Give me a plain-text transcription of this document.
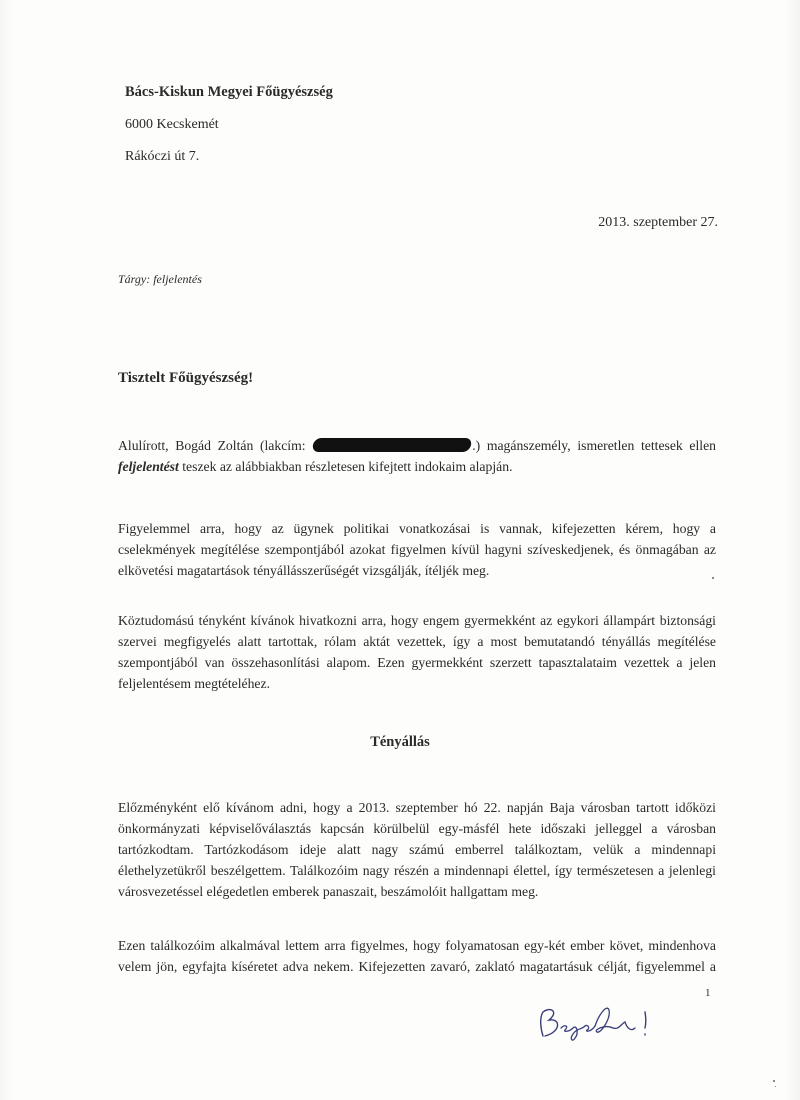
Bács-Kiskun Megyei Főügyészség
6000 Kecskemét
Rákóczi út 7.
2013. szeptember 27.
Tárgy: feljelentés
Tisztelt Főügyészség!
Alulírott, Bogád Zoltán (lakcím:	.) magánszemély, ismeretlen tettesek ellen
feljelentést teszek az alábbiakban részletesen kifejtett indokaim alapján.
Figyelemmel arra, hogy az ügynek politikai vonatkozásai is vannak, kifejezetten kérem, hogy a
cselekmények megítélése szempontjából azokat figyelmen kívül hagyni szíveskedjenek, és önmagában az
elkövetési magatartások tényállásszerűségét vizsgálják, ítéljék meg.
Köztudomású tényként kívánok hivatkozni arra, hogy engem gyermekként az egykori állampárt biztonsági
szervei megfigyelés alatt tartottak, rólam aktát vezettek, így a most bemutatandó tényállás megítélése
szempontjából van összehasonlítási alapom. Ezen gyermekként szerzett tapasztalataim vezettek a jelen
feljelentésem megtételéhez.
Tényállás
Előzményként elő kívánom adni, hogy a 2013. szeptember hó 22. napján Baja városban tartott időközi
önkormányzati képviselőválasztás kapcsán körülbelül egy-másfél hete időszaki jelleggel a városban
tartózkodtam. Tartózkodásom ideje alatt nagy számú emberrel találkoztam, velük a mindennapi
élethelyzetükről beszélgettem. Találkozóim nagy részén a mindennapi élettel, így természetesen a jelenlegi
városvezetéssel elégedetlen emberek panaszait, beszámolóit hallgattam meg.
Ezen találkozóim alkalmával lettem arra figyelmes, hogy folyamatosan egy-két ember követ, mindenhova
velem jön, egyfajta kíséretet adva nekem. Kifejezetten zavaró, zaklató magatartásuk célját, figyelemmel a
1
